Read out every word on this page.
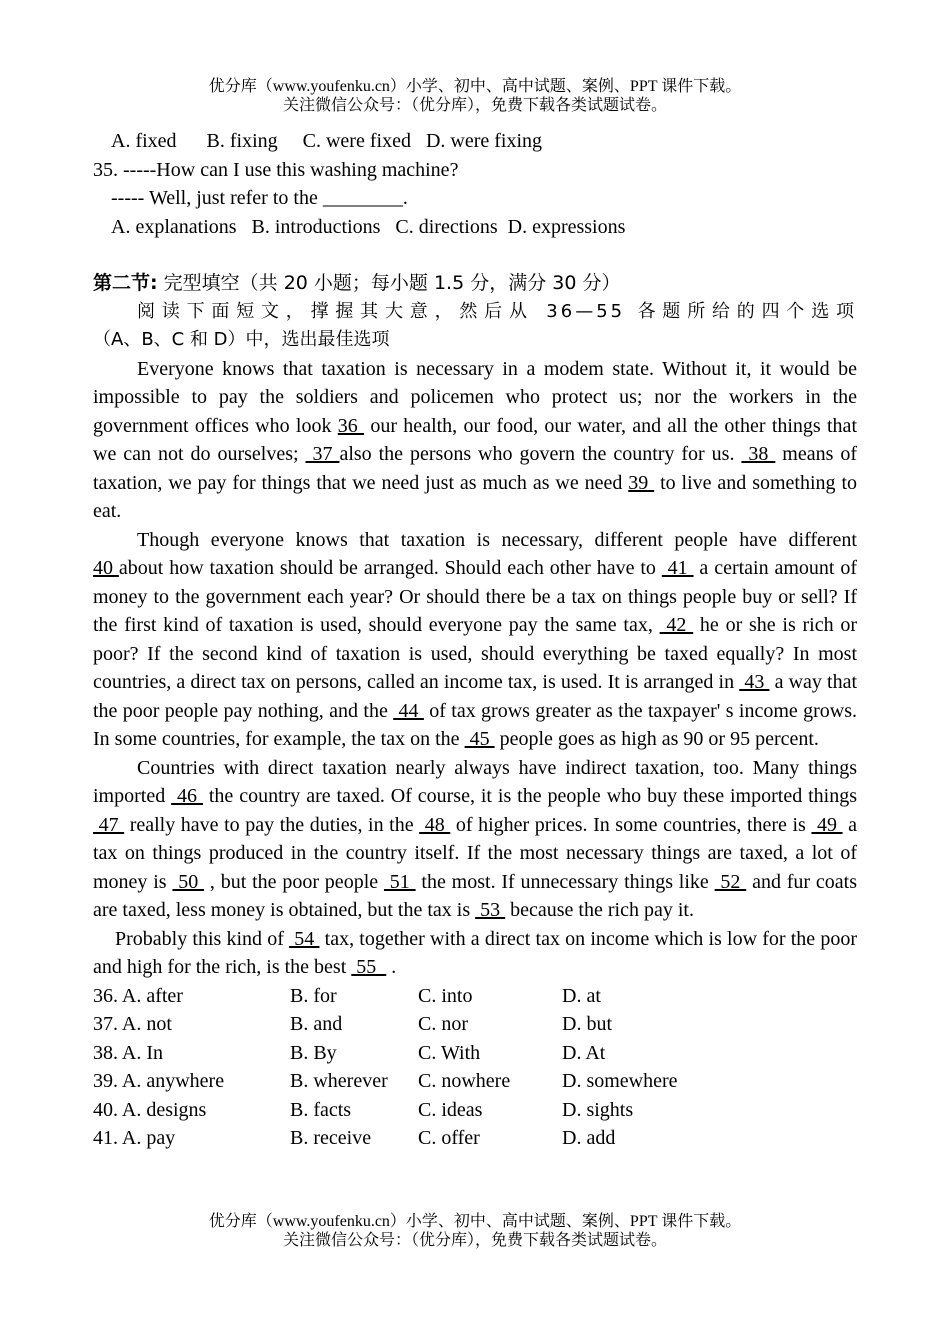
优分库（www.youfenku.cn）小学、初中、高中试题、案例、PPT 课件下载。
关注微信公众号：（优分库），免费下载各类试题试卷。
A. fixed      B. fixing     C. were fixed   D. were fixing
35. -----How can I use this washing machine?
----- Well, just refer to the ________.
A. explanations   B. introductions   C. directions  D. expressions
第二节: 完型填空（共 20 小题；每小题 1.5 分，满分 30 分）
阅读下面短文，撑握其大意，然后从 36—55 各题所给的四个选项
（A、B、C 和 D）中，选出最佳选项
Everyone knows that taxation is necessary in a modem state. Without it, it would be impossible to pay the soldiers and policemen who protect us; nor the workers in the government offices who look 36  our health, our food, our water, and all the other things that we can not do ourselves;  37 also the persons who govern the country for us.  38  means of taxation, we pay for things that we need just as much as we need 39  to live and something to eat.
Though everyone knows that taxation is necessary, different people have different 40 about how taxation should be arranged. Should each other have to  41  a certain amount of money to the government each year? Or should there be a tax on things people buy or sell? If the first kind of taxation is used, should everyone pay the same tax,  42  he or she is rich or poor? If the second kind of taxation is used, should everything be taxed equally? In most countries, a direct tax on persons, called an income tax, is used. It is arranged in  43  a way that the poor people pay nothing, and the  44  of tax grows greater as the taxpayer' s income grows. In some countries, for example, the tax on the  45  people goes as high as 90 or 95 percent.
Countries with direct taxation nearly always have indirect taxation, too. Many things imported  46  the country are taxed. Of course, it is the people who buy these imported things  47  really have to pay the duties, in the  48  of higher prices. In some countries, there is  49  a tax on things produced in the country itself. If the most necessary things are taxed, a lot of money is  50  , but the poor people  51  the most. If unnecessary things like  52  and fur coats are taxed, less money is obtained, but the tax is  53  because the rich pay it.
Probably this kind of  54  tax, together with a direct tax on income which is low for the poor and high for the rich, is the best  55   .
36. A. after	B. for	C. into	D. at
37. A. not	B. and	C. nor	D. but
38. A. In	B. By	C. With	D. At
39. A. anywhere	B. wherever	C. nowhere	D. somewhere
40. A. designs	B. facts	C. ideas	D. sights
41. A. pay	B. receive	C. offer	D. add
优分库（www.youfenku.cn）小学、初中、高中试题、案例、PPT 课件下载。
关注微信公众号：（优分库），免费下载各类试题试卷。
